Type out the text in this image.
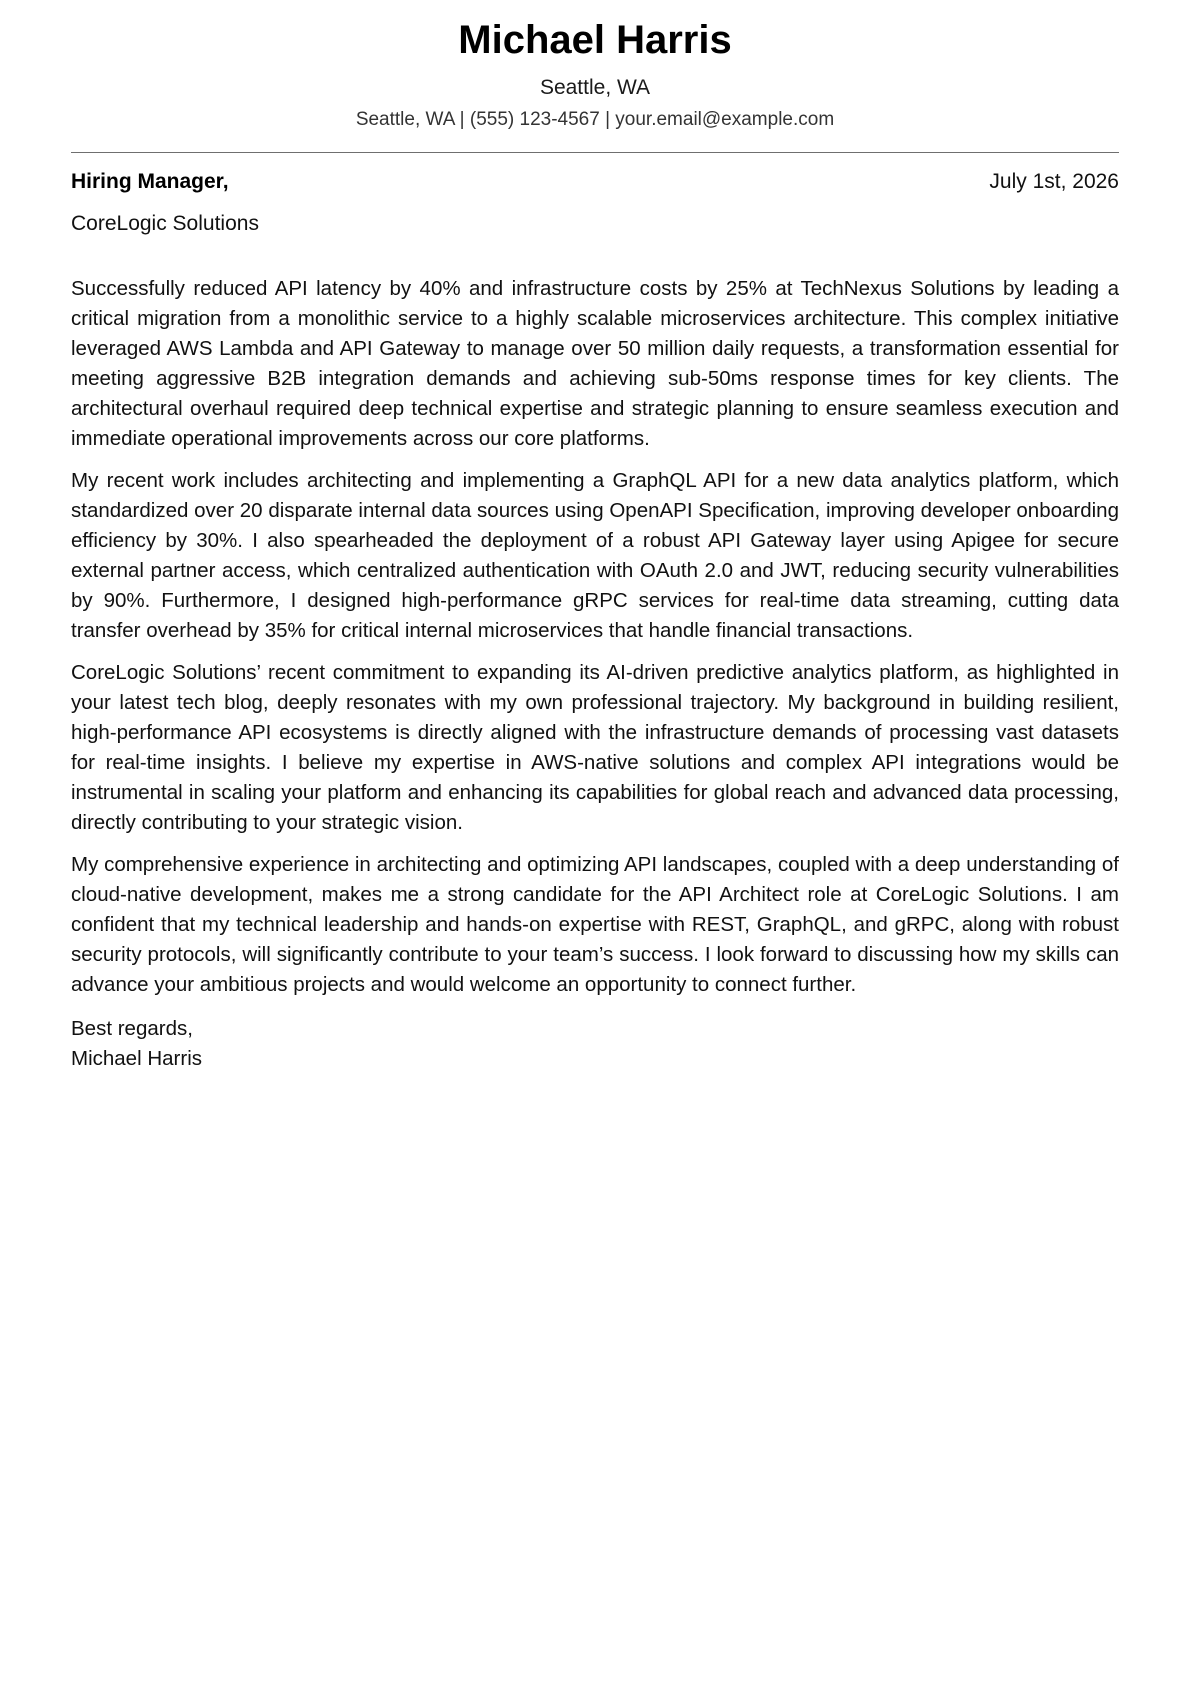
Michael Harris
Seattle, WA
Seattle, WA | (555) 123-4567 | your.email@example.com
Hiring Manager,	July 1st, 2026
CoreLogic Solutions

Successfully reduced API latency by 40% and infrastructure costs by 25% at TechNexus Solutions by leading a critical migration from a monolithic service to a highly scalable microservices architecture. This complex initiative leveraged AWS Lambda and API Gateway to manage over 50 million daily requests, a transformation essential for meeting aggressive B2B integration demands and achieving sub-50ms response times for key clients. The architectural overhaul required deep technical expertise and strategic planning to ensure seamless execution and immediate operational improvements across our core platforms.

My recent work includes architecting and implementing a GraphQL API for a new data analytics platform, which standardized over 20 disparate internal data sources using OpenAPI Specification, improving developer onboarding efficiency by 30%. I also spearheaded the deployment of a robust API Gateway layer using Apigee for secure external partner access, which centralized authentication with OAuth 2.0 and JWT, reducing security vulnerabilities by 90%. Furthermore, I designed high-performance gRPC services for real-time data streaming, cutting data transfer overhead by 35% for critical internal microservices that handle financial transactions.

CoreLogic Solutions’ recent commitment to expanding its AI-driven predictive analytics platform, as highlighted in your latest tech blog, deeply resonates with my own professional trajectory. My background in building resilient, high-performance API ecosystems is directly aligned with the infrastructure demands of processing vast datasets for real-time insights. I believe my expertise in AWS-native solutions and complex API integrations would be instrumental in scaling your platform and enhancing its capabilities for global reach and advanced data processing, directly contributing to your strategic vision.

My comprehensive experience in architecting and optimizing API landscapes, coupled with a deep understanding of cloud-native development, makes me a strong candidate for the API Architect role at CoreLogic Solutions. I am confident that my technical leadership and hands-on expertise with REST, GraphQL, and gRPC, along with robust security protocols, will significantly contribute to your team’s success. I look forward to discussing how my skills can advance your ambitious projects and would welcome an opportunity to connect further.

Best regards,
Michael Harris
